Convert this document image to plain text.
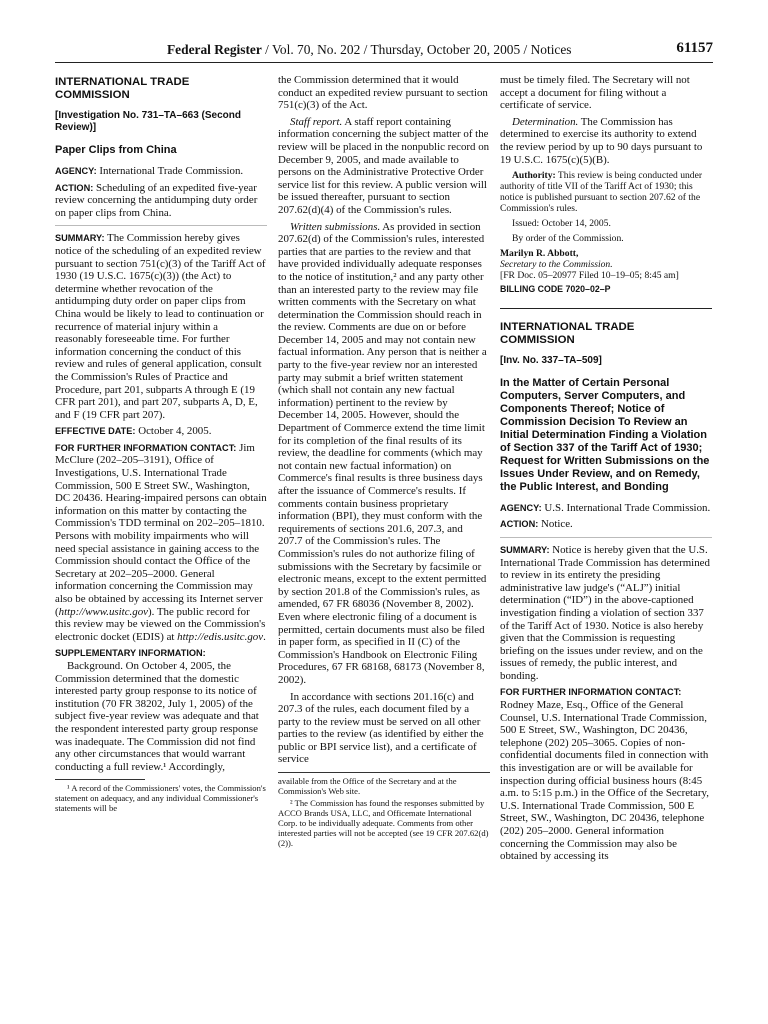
Federal Register / Vol. 70, No. 202 / Thursday, October 20, 2005 / Notices	61157
INTERNATIONAL TRADE COMMISSION
[Investigation No. 731–TA–663 (Second Review)]
Paper Clips from China

AGENCY: International Trade Commission.

ACTION: Scheduling of an expedited five-year review concerning the antidumping duty order on paper clips from China.

SUMMARY: The Commission hereby gives notice of the scheduling of an expedited review pursuant to section 751(c)(3) of the Tariff Act of 1930 (19 U.S.C. 1675(c)(3)) (the Act) to determine whether revocation of the antidumping duty order on paper clips from China would be likely to lead to continuation or recurrence of material injury within a reasonably foreseeable time. For further information concerning the conduct of this review and rules of general application, consult the Commission's Rules of Practice and Procedure, part 201, subparts A through E (19 CFR part 201), and part 207, subparts A, D, E, and F (19 CFR part 207).

EFFECTIVE DATE: October 4, 2005.

FOR FURTHER INFORMATION CONTACT: Jim McClure (202–205–3191), Office of Investigations, U.S. International Trade Commission, 500 E Street SW., Washington, DC 20436. Hearing-impaired persons can obtain information on this matter by contacting the Commission's TDD terminal on 202–205–1810. Persons with mobility impairments who will need special assistance in gaining access to the Commission should contact the Office of the Secretary at 202–205–2000. General information concerning the Commission may also be obtained by accessing its Internet server (http://www.usitc.gov). The public record for this review may be viewed on the Commission's electronic docket (EDIS) at http://edis.usitc.gov.

SUPPLEMENTARY INFORMATION:

Background. On October 4, 2005, the Commission determined that the domestic interested party group response to its notice of institution (70 FR 38202, July 1, 2005) of the subject five-year review was adequate and that the respondent interested party group response was inadequate. The Commission did not find any other circumstances that would warrant conducting a full review.¹ Accordingly,

¹ A record of the Commissioners' votes, the Commission's statement on adequacy, and any individual Commissioner's statements will be

the Commission determined that it would conduct an expedited review pursuant to section 751(c)(3) of the Act.

Staff report. A staff report containing information concerning the subject matter of the review will be placed in the nonpublic record on December 9, 2005, and made available to persons on the Administrative Protective Order service list for this review. A public version will be issued thereafter, pursuant to section 207.62(d)(4) of the Commission's rules.

Written submissions. As provided in section 207.62(d) of the Commission's rules, interested parties that are parties to the review and that have provided individually adequate responses to the notice of institution,² and any party other than an interested party to the review may file written comments with the Secretary on what determination the Commission should reach in the review. Comments are due on or before December 14, 2005 and may not contain new factual information. Any person that is neither a party to the five-year review nor an interested party may submit a brief written statement (which shall not contain any new factual information) pertinent to the review by December 14, 2005. However, should the Department of Commerce extend the time limit for its completion of the final results of its review, the deadline for comments (which may not contain new factual information) on Commerce's final results is three business days after the issuance of Commerce's results. If comments contain business proprietary information (BPI), they must conform with the requirements of sections 201.6, 207.3, and 207.7 of the Commission's rules. The Commission's rules do not authorize filing of submissions with the Secretary by facsimile or electronic means, except to the extent permitted by section 201.8 of the Commission's rules, as amended, 67 FR 68036 (November 8, 2002). Even where electronic filing of a document is permitted, certain documents must also be filed in paper form, as specified in II (C) of the Commission's Handbook on Electronic Filing Procedures, 67 FR 68168, 68173 (November 8, 2002).

In accordance with sections 201.16(c) and 207.3 of the rules, each document filed by a party to the review must be served on all other parties to the review (as identified by either the public or BPI service list), and a certificate of service

available from the Office of the Secretary and at the Commission's Web site.

² The Commission has found the responses submitted by ACCO Brands USA, LLC, and Officemate International Corp. to be individually adequate. Comments from other interested parties will not be accepted (see 19 CFR 207.62(d)(2)).

must be timely filed. The Secretary will not accept a document for filing without a certificate of service.

Determination. The Commission has determined to exercise its authority to extend the review period by up to 90 days pursuant to 19 U.S.C. 1675(c)(5)(B).

Authority: This review is being conducted under authority of title VII of the Tariff Act of 1930; this notice is published pursuant to section 207.62 of the Commission's rules.

Issued: October 14, 2005.

By order of the Commission.

Marilyn R. Abbott,

Secretary to the Commission.

[FR Doc. 05–20977 Filed 10–19–05; 8:45 am]

BILLING CODE 7020–02–P
INTERNATIONAL TRADE COMMISSION
[Inv. No. 337–TA–509]
In the Matter of Certain Personal Computers, Server Computers, and Components Thereof; Notice of Commission Decision To Review an Initial Determination Finding a Violation of Section 337 of the Tariff Act of 1930; Request for Written Submissions on the Issues Under Review, and on Remedy, the Public Interest, and Bonding

AGENCY: U.S. International Trade Commission.

ACTION: Notice.

SUMMARY: Notice is hereby given that the U.S. International Trade Commission has determined to review in its entirety the presiding administrative law judge's (“ALJ”) initial determination (“ID”) in the above-captioned investigation finding a violation of section 337 of the Tariff Act of 1930. Notice is also hereby given that the Commission is requesting briefing on the issues under review, and on the issues of remedy, the public interest, and bonding.

FOR FURTHER INFORMATION CONTACT:
Rodney Maze, Esq., Office of the General Counsel, U.S. International Trade Commission, 500 E Street, SW., Washington, DC 20436, telephone (202) 205–3065. Copies of non-confidential documents filed in connection with this investigation are or will be available for inspection during official business hours (8:45 a.m. to 5:15 p.m.) in the Office of the Secretary, U.S. International Trade Commission, 500 E Street, SW., Washington, DC 20436, telephone (202) 205–2000. General information concerning the Commission may also be obtained by accessing its
